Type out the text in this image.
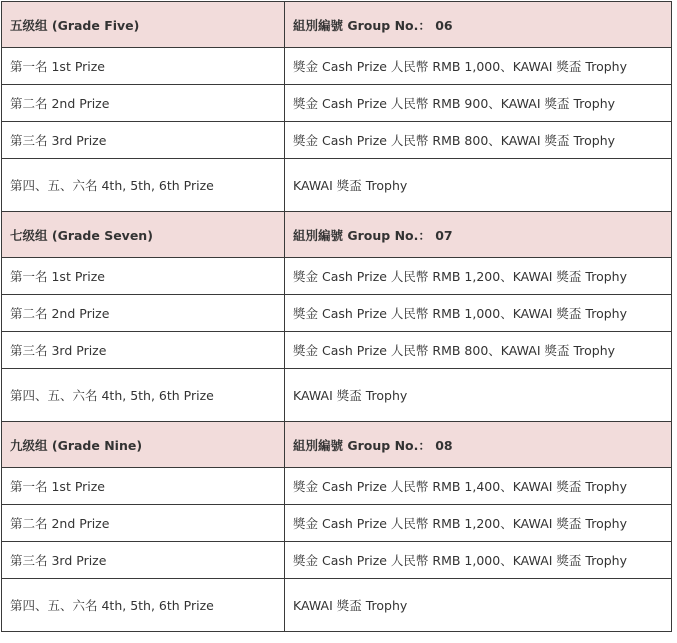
五级组 (Grade Five)	組別編號 Group No.： 06
第一名 1st Prize	獎金 Cash Prize 人民幣 RMB 1,000、KAWAI 獎盃 Trophy
第二名 2nd Prize	獎金 Cash Prize 人民幣 RMB 900、KAWAI 獎盃 Trophy
第三名 3rd Prize	獎金 Cash Prize 人民幣 RMB 800、KAWAI 獎盃 Trophy
第四、五、六名 4th, 5th, 6th Prize	KAWAI 獎盃 Trophy
七级组 (Grade Seven)	組別編號 Group No.： 07
第一名 1st Prize	獎金 Cash Prize 人民幣 RMB 1,200、KAWAI 獎盃 Trophy
第二名 2nd Prize	獎金 Cash Prize 人民幣 RMB 1,000、KAWAI 獎盃 Trophy
第三名 3rd Prize	獎金 Cash Prize 人民幣 RMB 800、KAWAI 獎盃 Trophy
第四、五、六名 4th, 5th, 6th Prize	KAWAI 獎盃 Trophy
九级组 (Grade Nine)	組別編號 Group No.： 08
第一名 1st Prize	獎金 Cash Prize 人民幣 RMB 1,400、KAWAI 獎盃 Trophy
第二名 2nd Prize	獎金 Cash Prize 人民幣 RMB 1,200、KAWAI 獎盃 Trophy
第三名 3rd Prize	獎金 Cash Prize 人民幣 RMB 1,000、KAWAI 獎盃 Trophy
第四、五、六名 4th, 5th, 6th Prize	KAWAI 獎盃 Trophy
